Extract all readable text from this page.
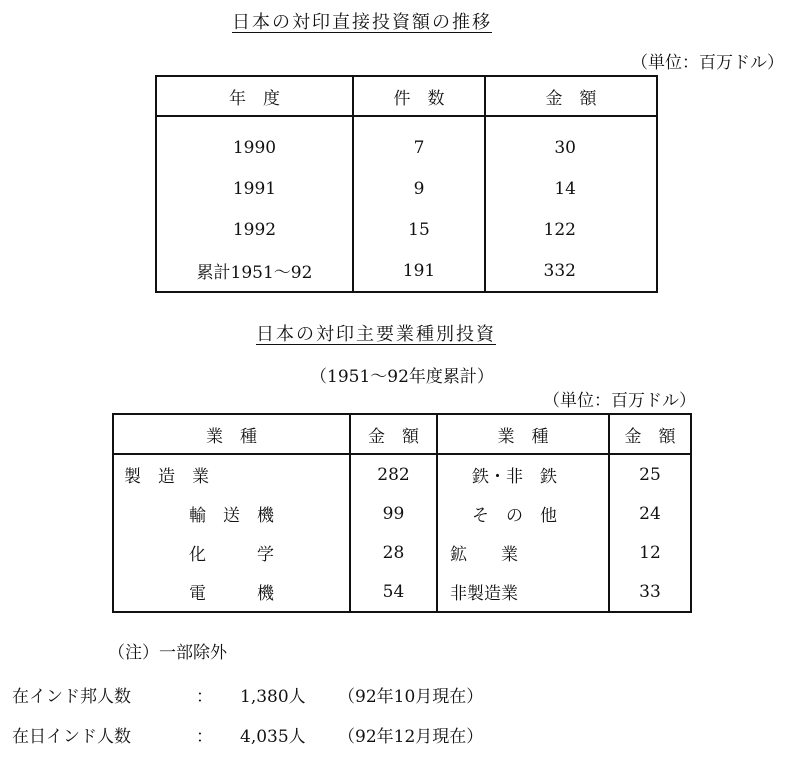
日本の対印直接投資額の推移
（単位：百万ドル）
年　度	件　数	金　額
1990	7	30
1991	9	14
1992	15	122
累計1951〜92	191	332
日本の対印主要業種別投資
（1951〜92年度累計）
（単位：百万ドル）
業　種	金　額	業　種	金　額
製　造　業	282	鉄・非　鉄	25
輸　送　機	99	そ　の　他	24
化　　　学	28	鉱　　業	12
電　　　機	54	非製造業	33
（注）一部除外
在インド邦人数	： 1,380人 （92年10月現在）
在日インド人数	： 4,035人 （92年12月現在）
